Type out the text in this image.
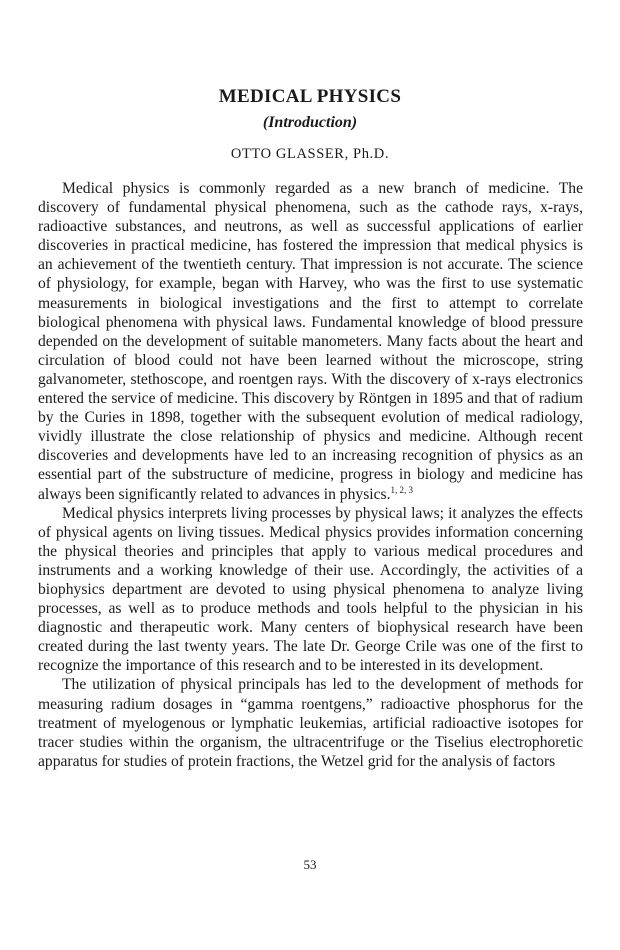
MEDICAL PHYSICS
(Introduction)
OTTO GLASSER, Ph.D.

Medical physics is commonly regarded as a new branch of medicine. The discovery of fundamental physical phenomena, such as the cathode rays, x-rays, radioactive substances, and neutrons, as well as successful applications of earlier discoveries in practical medicine, has fostered the impression that medical physics is an achievement of the twentieth century. That impression is not accurate. The science of physiology, for example, began with Harvey, who was the first to use systematic measurements in biological investigations and the first to attempt to correlate biological phenomena with physical laws. Fundamental knowledge of blood pressure depended on the development of suitable manometers. Many facts about the heart and circulation of blood could not have been learned without the microscope, string galvanometer, stethoscope, and roentgen rays. With the discovery of x-rays electronics entered the service of medicine. This discovery by Röntgen in 1895 and that of radium by the Curies in 1898, together with the subsequent evolution of medical radiology, vividly illustrate the close relationship of physics and medicine. Although recent discoveries and developments have led to an increasing recognition of physics as an essential part of the substructure of medicine, progress in biology and medicine has always been significantly related to advances in physics.$^{1, 2, 3}$

Medical physics interprets living processes by physical laws; it analyzes the effects of physical agents on living tissues. Medical physics provides information concerning the physical theories and principles that apply to various medical procedures and instruments and a working knowledge of their use. Accordingly, the activities of a biophysics department are devoted to using physical phenomena to analyze living processes, as well as to produce methods and tools helpful to the physician in his diagnostic and therapeutic work. Many centers of biophysical research have been created during the last twenty years. The late Dr. George Crile was one of the first to recognize the importance of this research and to be interested in its development.

The utilization of physical principals has led to the development of methods for measuring radium dosages in “gamma roentgens,” radioactive phosphorus for the treatment of myelogenous or lymphatic leukemias, artificial radioactive isotopes for tracer studies within the organism, the ultracentrifuge or the Tiselius electrophoretic apparatus for studies of protein fractions, the Wetzel grid for the analysis of factors

53
